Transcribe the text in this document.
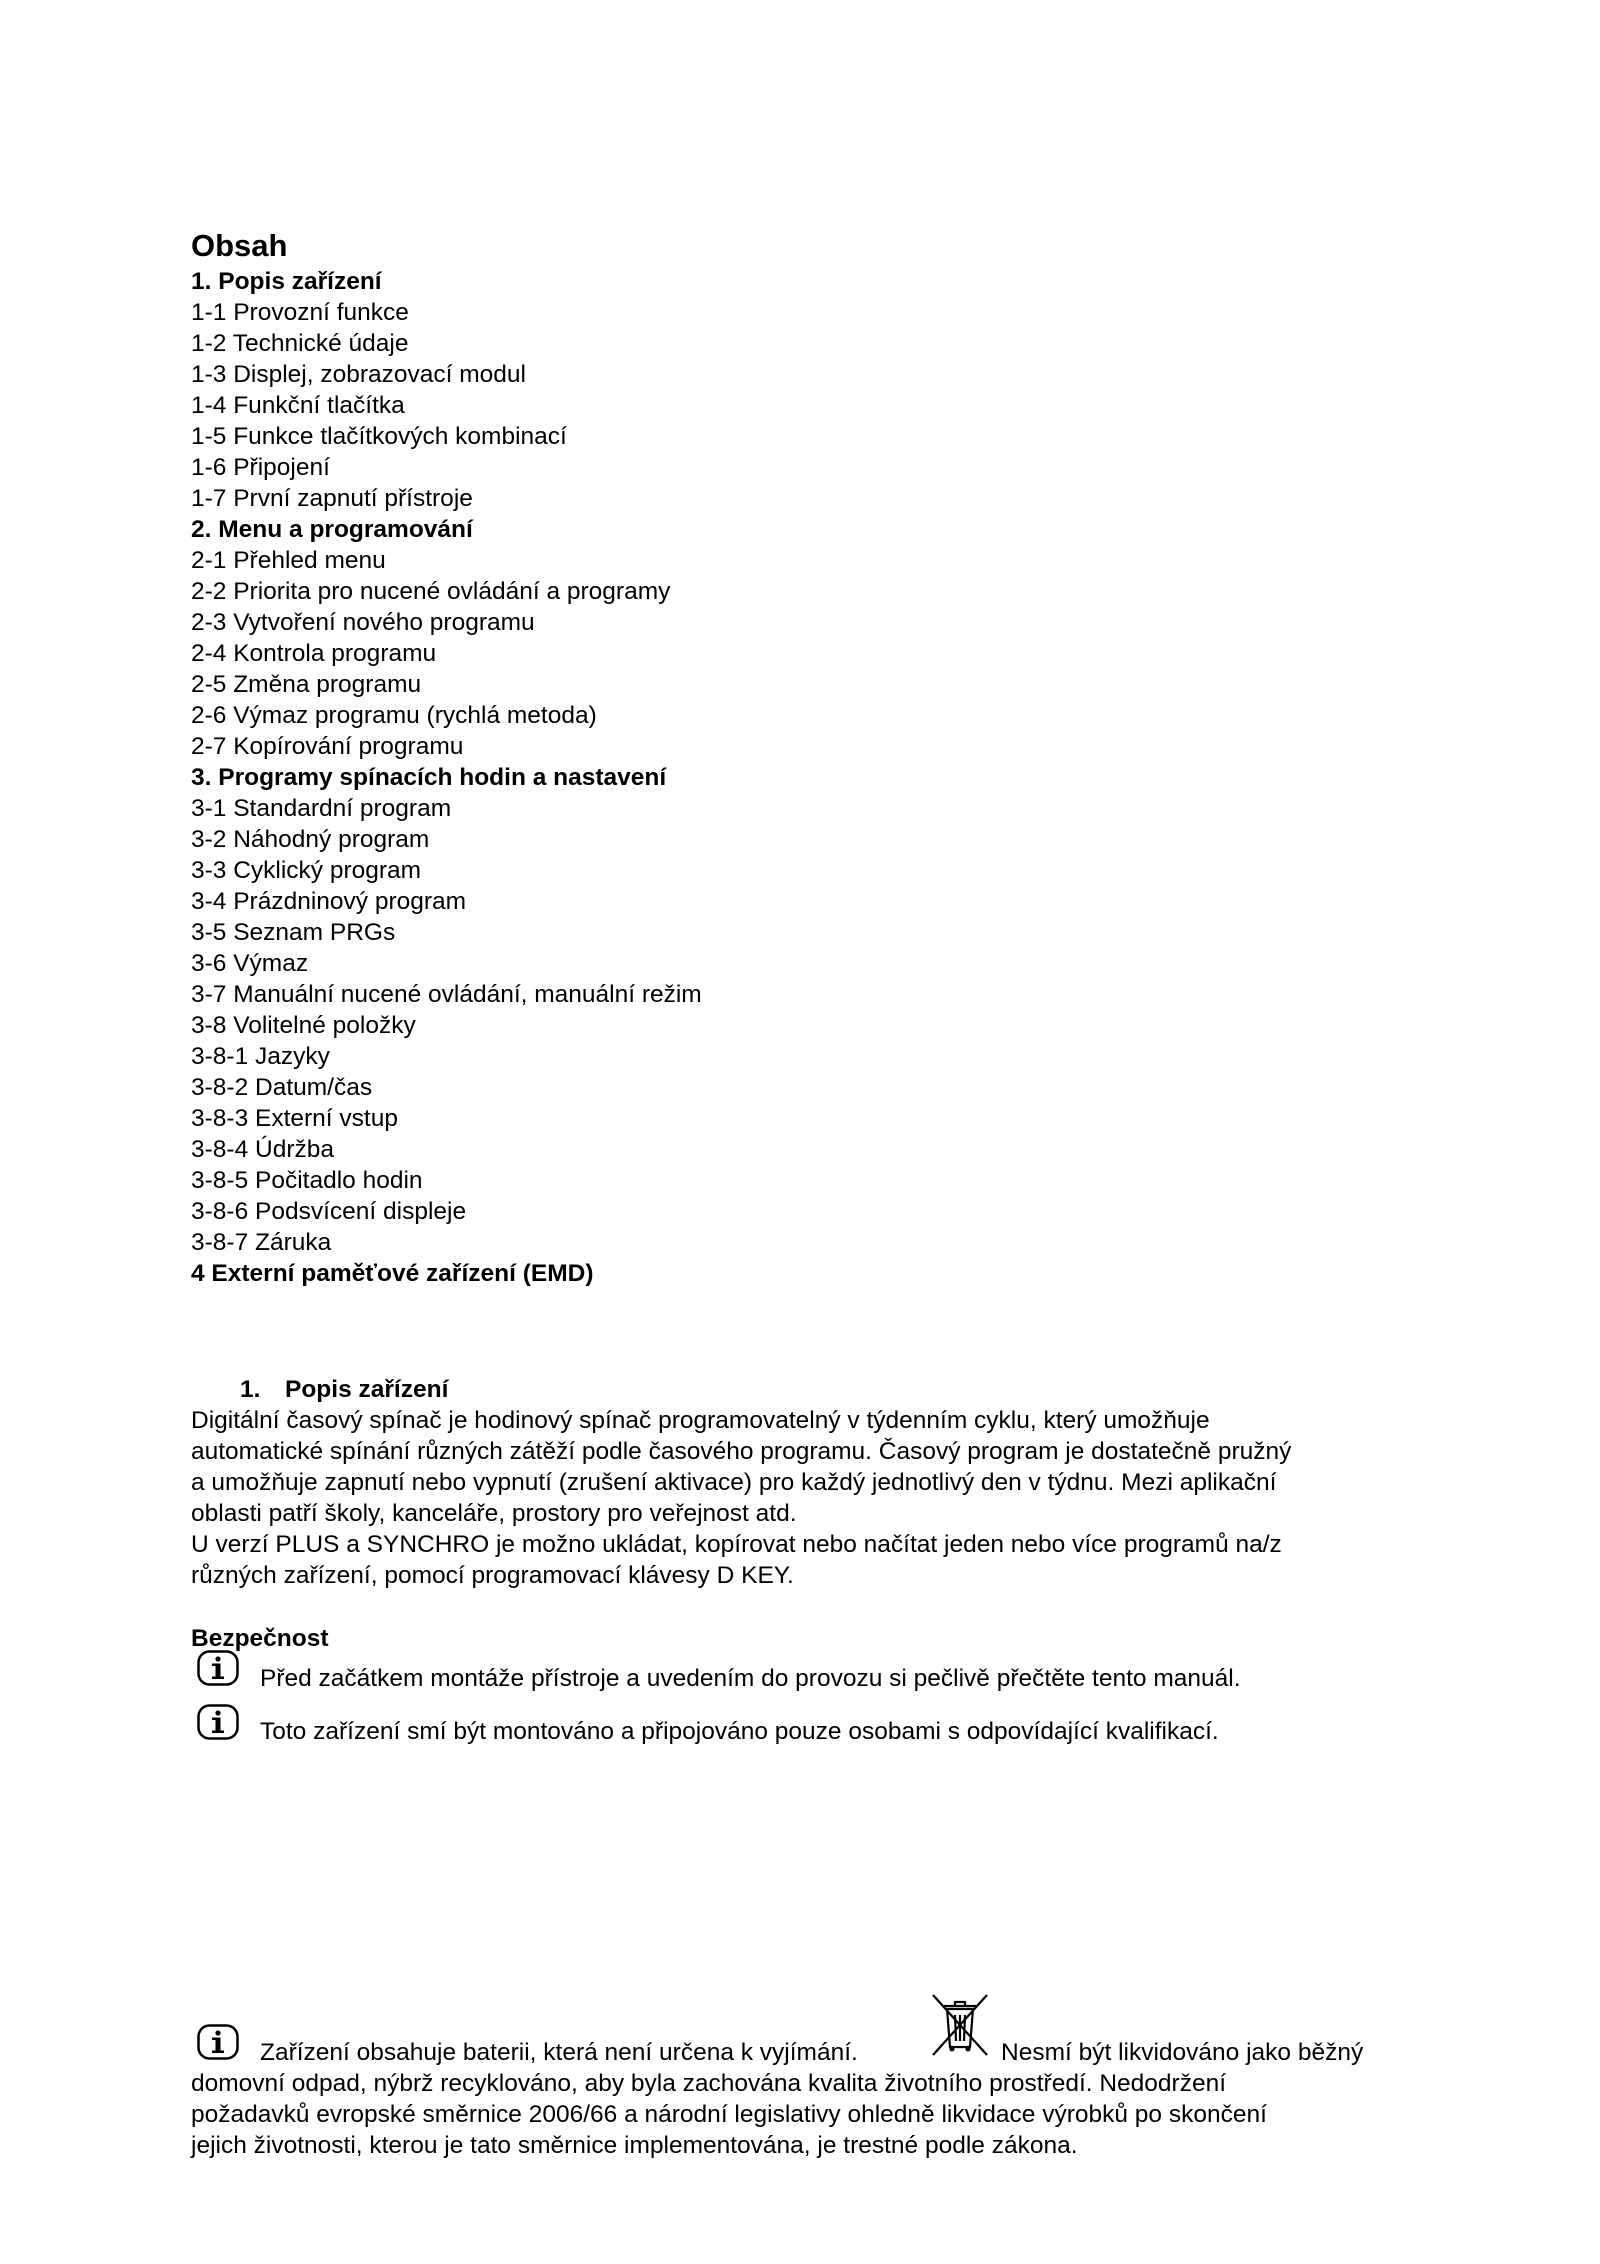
Obsah
1. Popis zařízení
1-1 Provozní funkce
1-2 Technické údaje
1-3 Displej, zobrazovací modul
1-4 Funkční tlačítka
1-5 Funkce tlačítkových kombinací
1-6 Připojení
1-7 První zapnutí přístroje
2. Menu a programování
2-1 Přehled menu
2-2 Priorita pro nucené ovládání a programy
2-3 Vytvoření nového programu
2-4 Kontrola programu
2-5 Změna programu
2-6 Výmaz programu (rychlá metoda)
2-7 Kopírování programu
3. Programy spínacích hodin a nastavení
3-1 Standardní program
3-2 Náhodný program
3-3 Cyklický program
3-4 Prázdninový program
3-5 Seznam PRGs
3-6 Výmaz
3-7 Manuální nucené ovládání, manuální režim
3-8 Volitelné položky
3-8-1 Jazyky
3-8-2 Datum/čas
3-8-3 Externí vstup
3-8-4 Údržba
3-8-5 Počitadlo hodin
3-8-6 Podsvícení displeje
3-8-7 Záruka
4 Externí paměťové zařízení (EMD)
1. Popis zařízení

Digitální časový spínač je hodinový spínač programovatelný v týdenním cyklu, který umožňuje
automatické spínání různých zátěží podle časového programu. Časový program je dostatečně pružný
a umožňuje zapnutí nebo vypnutí (zrušení aktivace) pro každý jednotlivý den v týdnu. Mezi aplikační
oblasti patří školy, kanceláře, prostory pro veřejnost atd.
U verzí PLUS a SYNCHRO je možno ukládat, kopírovat nebo načítat jeden nebo více programů na/z
různých zařízení, pomocí programovací klávesy D KEY.

Bezpečnost
Před začátkem montáže přístroje a uvedením do provozu si pečlivě přečtěte tento manuál.
Toto zařízení smí být montováno a připojováno pouze osobami s odpovídající kvalifikací.
Zařízení obsahuje baterii, která není určena k vyjímání.	Nesmí být likvidováno jako běžný
domovní odpad, nýbrž recyklováno, aby byla zachována kvalita životního prostředí. Nedodržení
požadavků evropské směrnice 2006/66 a národní legislativy ohledně likvidace výrobků po skončení
jejich životnosti, kterou je tato směrnice implementována, je trestné podle zákona.
